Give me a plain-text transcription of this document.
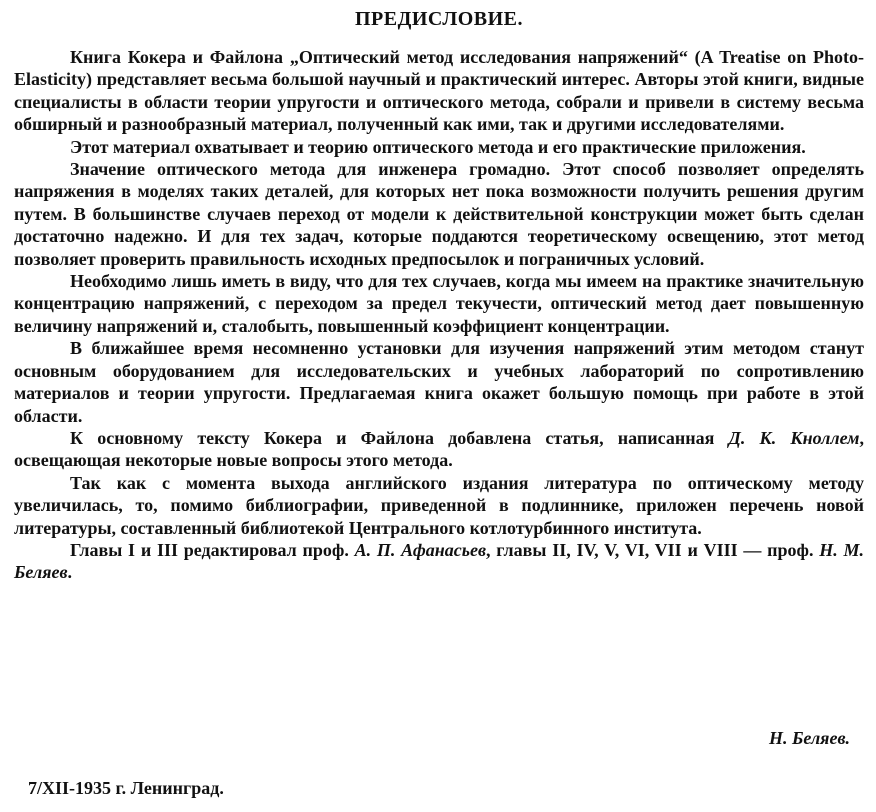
ПРЕДИСЛОВИЕ.

Книга Кокера и Файлона „Оптический метод исследования напряжений“ (A Treatise on Photo-Elasticity) представляет весьма большой научный и практический интерес. Авторы этой книги, видные специалисты в области теории упругости и оптического метода, собрали и привели в систему весьма обширный и разнообразный материал, полученный как ими, так и другими исследователями.

Этот материал охватывает и теорию оптического метода и его практические приложения.

Значение оптического метода для инженера громадно. Этот способ позволяет определять напряжения в моделях таких деталей, для которых нет пока возможности получить решения другим путем. В большинстве случаев переход от модели к действительной конструкции может быть сделан достаточно надежно. И для тех задач, которые поддаются теоретическому освещению, этот метод позволяет проверить правильность исходных предпосылок и пограничных условий.

Необходимо лишь иметь в виду, что для тех случаев, когда мы имеем на практике значительную концентрацию напряжений, с переходом за предел текучести, оптический метод дает повышенную величину напряжений и, сталобыть, повышенный коэффициент концентрации.

В ближайшее время несомненно установки для изучения напряжений этим методом станут основным оборудованием для исследовательских и учебных лабораторий по сопротивлению материалов и теории упругости. Предлагаемая книга окажет большую помощь при работе в этой области.

К основному тексту Кокера и Файлона добавлена статья, написанная Д. К. Кноллем, освещающая некоторые новые вопросы этого метода.

Так как с момента выхода английского издания литература по оптическому методу увеличилась, то, помимо библиографии, приведенной в подлиннике, приложен перечень новой литературы, составленный библиотекой Центрального котлотурбинного института.

Главы I и III редактировал проф. А. П. Афанасьев, главы II, IV, V, VI, VII и VIII — проф. Н. М. Беляев.

Н. Беляев.
7/XII-1935 г. Ленинград.
